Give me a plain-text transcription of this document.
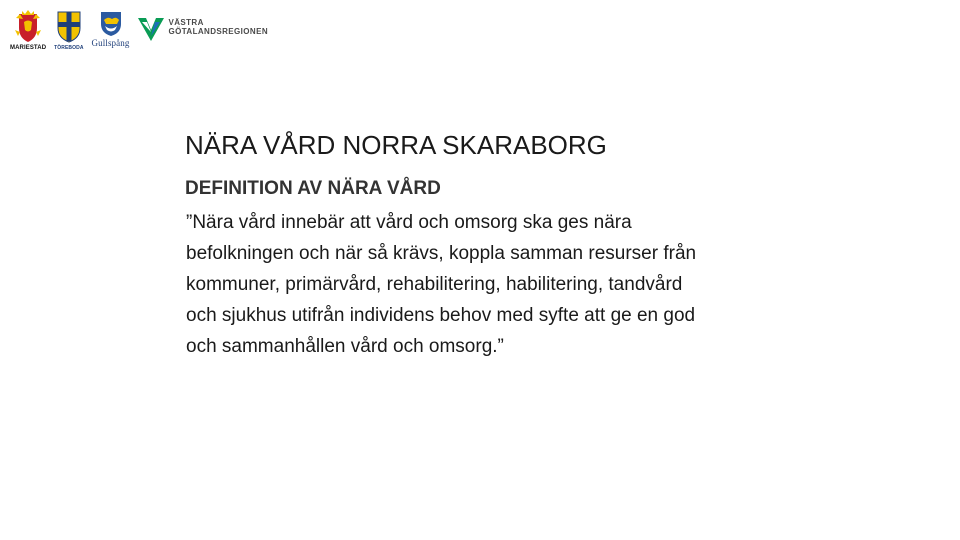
MARIESTAD TÖREBODA Gullspång
VÄSTRA
GÖTALANDSREGIONEN
NÄRA VÅRD NORRA SKARABORG
DEFINITION AV NÄRA VÅRD

”Nära vård innebär att vård och omsorg ska ges nära
befolkningen och när så krävs, koppla samman resurser från
kommuner, primärvård, rehabilitering, habilitering, tandvård
och sjukhus utifrån individens behov med syfte att ge en god
och sammanhållen vård och omsorg.”
